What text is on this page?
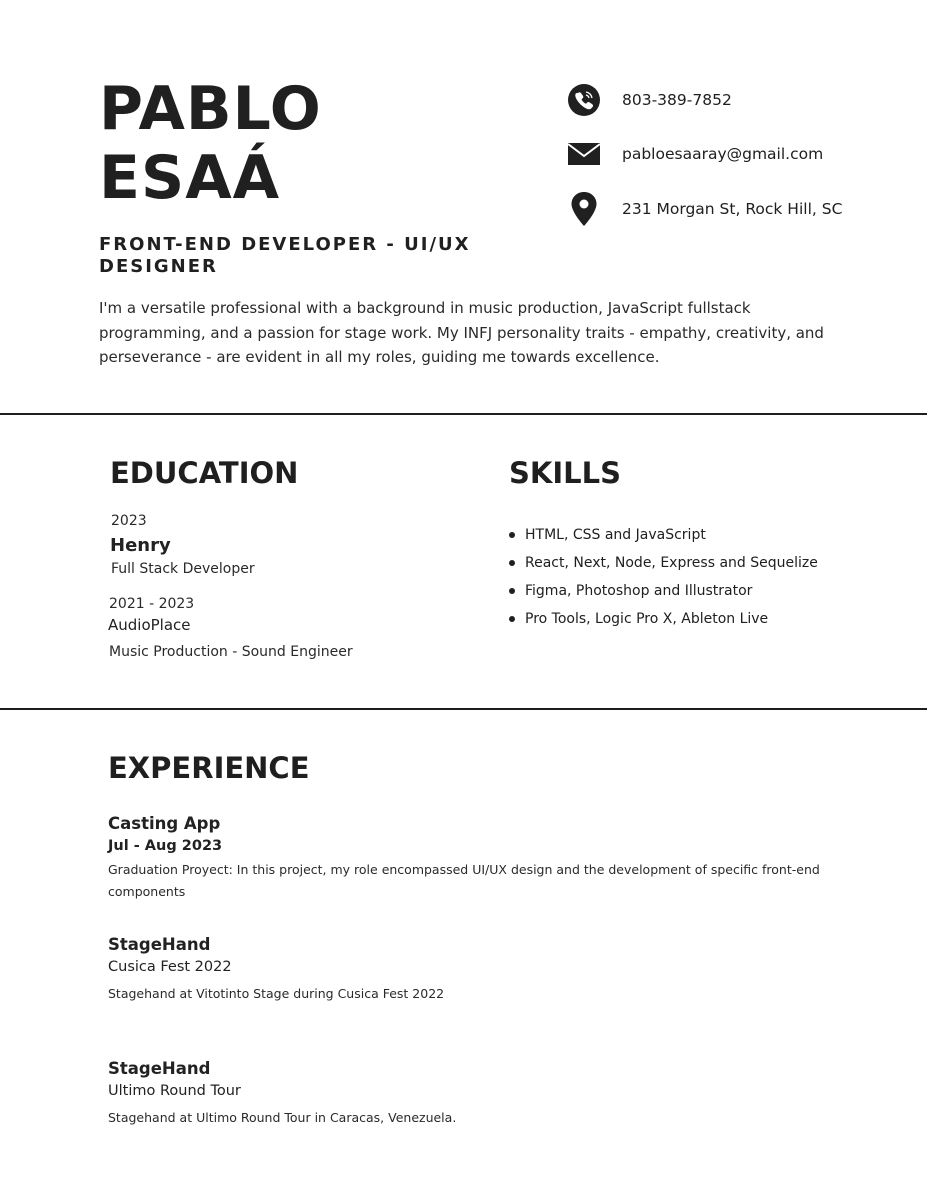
PABLO
ESAÁ
FRONT-END DEVELOPER - UI/UX DESIGNER
I'm a versatile professional with a background in music production, JavaScript fullstack programming, and a passion for stage work. My INFJ personality traits - empathy, creativity, and perseverance - are evident in all my roles, guiding me towards excellence.
803-389-7852
pabloesaaray@gmail.com
231 Morgan St, Rock Hill, SC
EDUCATION
2023
Henry
Full Stack Developer
2021 - 2023
AudioPlace
Music Production - Sound Engineer
SKILLS
HTML, CSS and JavaScript
React, Next, Node, Express and Sequelize
Figma, Photoshop and Illustrator
Pro Tools, Logic Pro X, Ableton Live
EXPERIENCE
Casting App
Jul - Aug 2023
Graduation Proyect: In this project, my role encompassed UI/UX design and the development of specific front-end components
StageHand
Cusica Fest 2022
Stagehand at Vitotinto Stage during Cusica Fest 2022
StageHand
Ultimo Round Tour
Stagehand at Ultimo Round Tour in Caracas, Venezuela.
